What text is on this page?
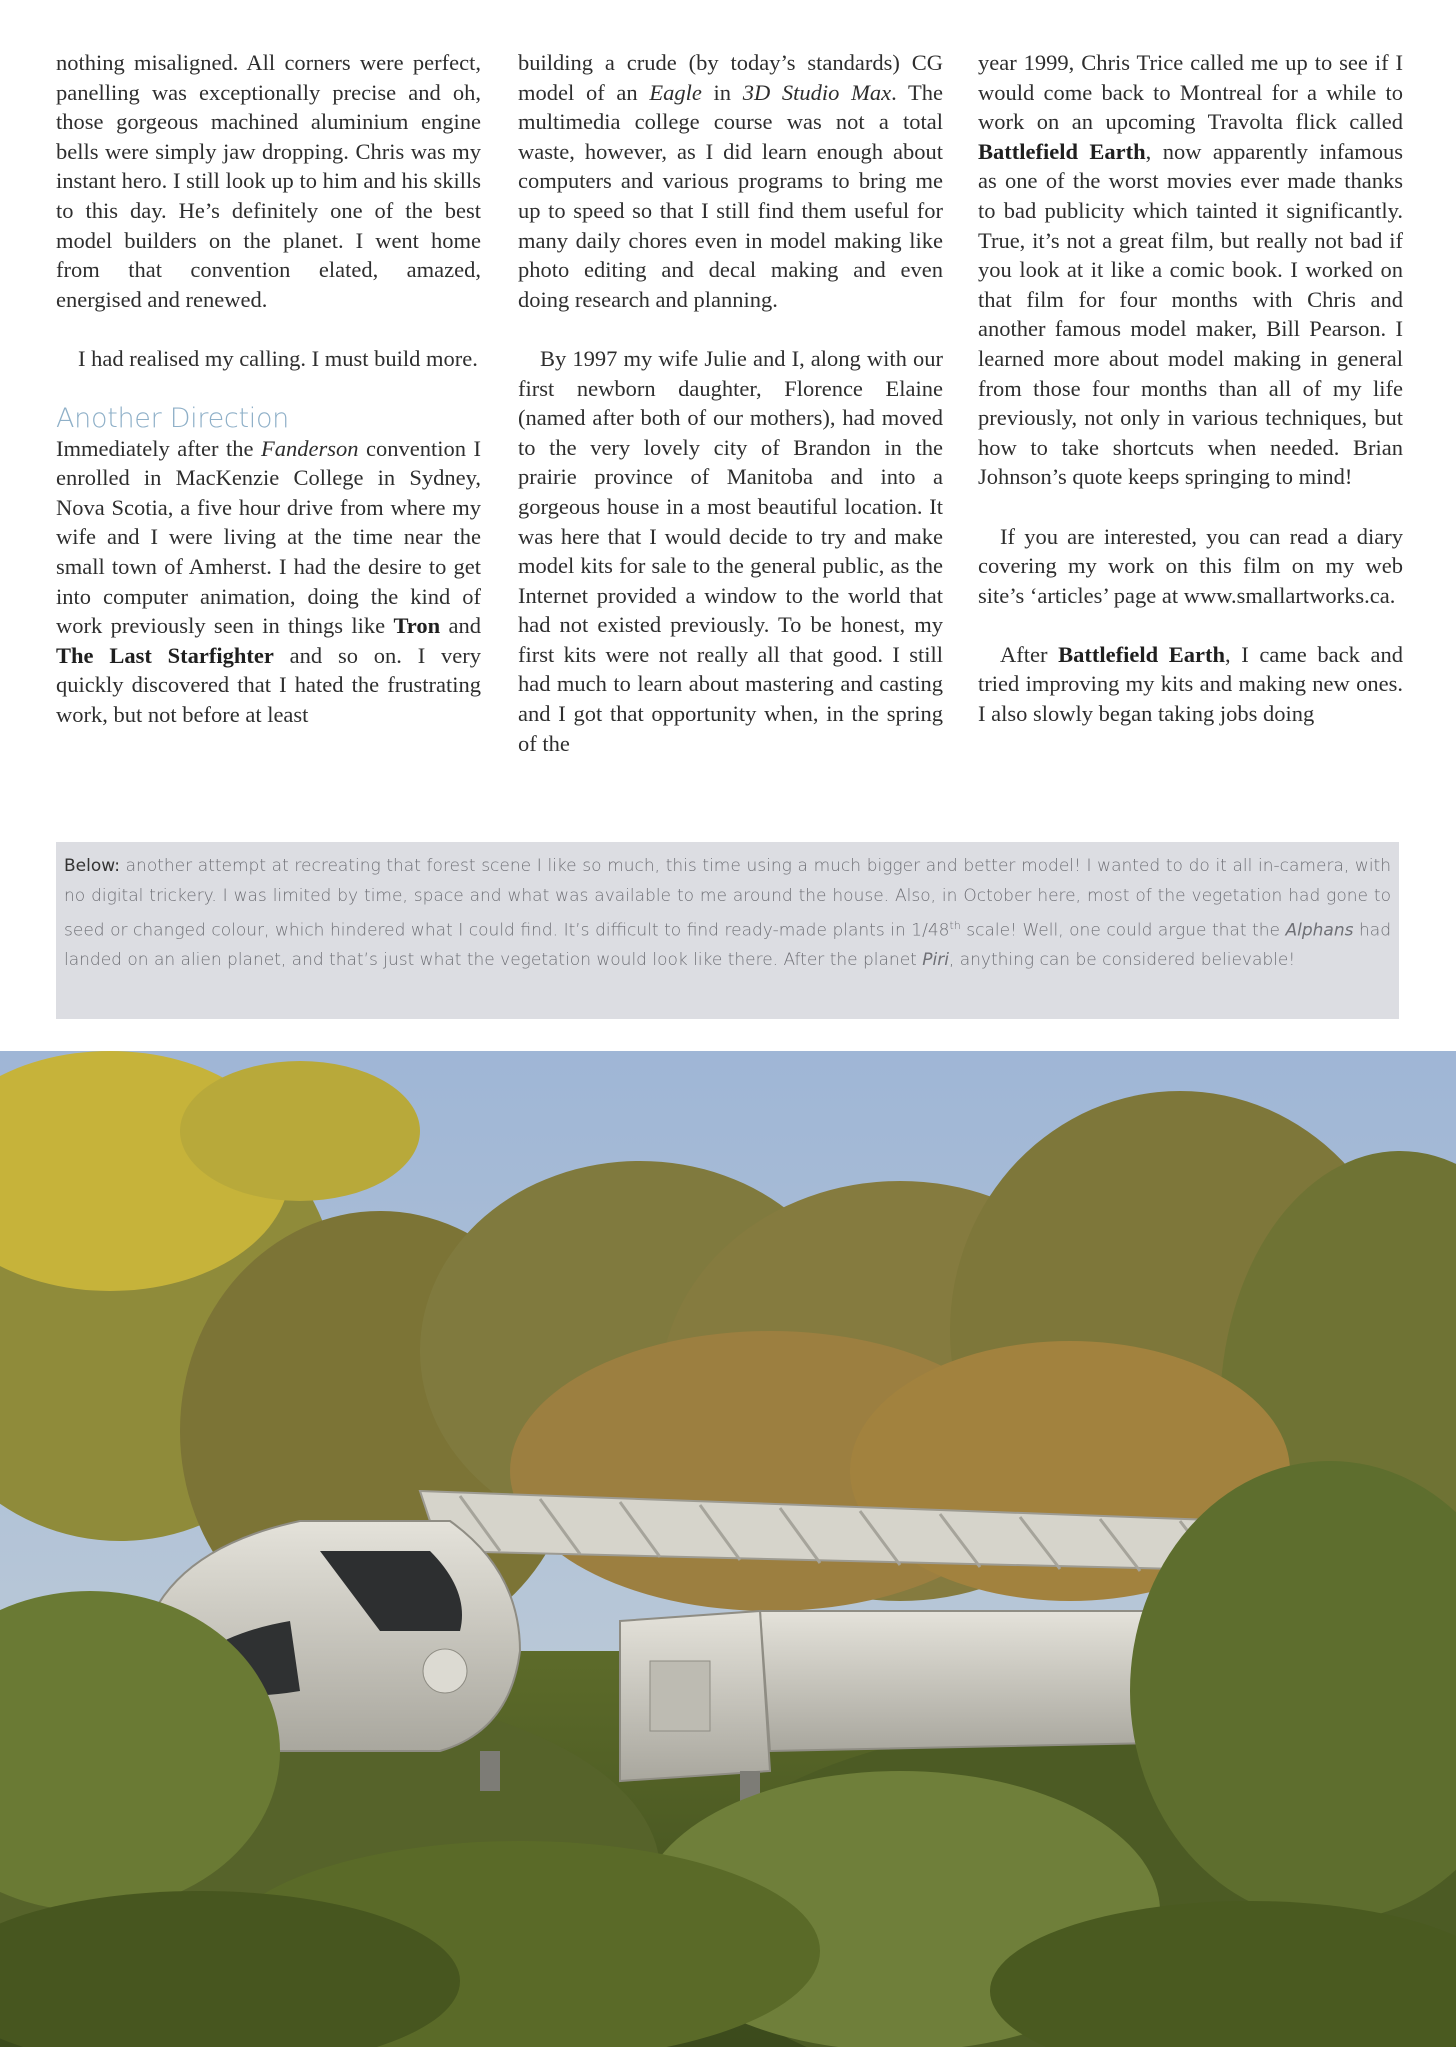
nothing misaligned. All corners were perfect, panelling was exceptionally precise and oh, those gorgeous machined aluminium engine bells were simply jaw dropping. Chris was my instant hero. I still look up to him and his skills to this day. He’s definitely one of the best model builders on the planet. I went home from that convention elated, amazed, energised and renewed.

I had realised my calling. I must build more.

Another Direction

Immediately after the Fanderson convention I enrolled in MacKenzie College in Sydney, Nova Scotia, a five hour drive from where my wife and I were living at the time near the small town of Amherst. I had the desire to get into computer animation, doing the kind of work previously seen in things like Tron and The Last Starfighter and so on. I very quickly discovered that I hated the frustrating work, but not before at least

building a crude (by today’s standards) CG model of an Eagle in 3D Studio Max. The multimedia college course was not a total waste, however, as I did learn enough about computers and various programs to bring me up to speed so that I still find them useful for many daily chores even in model making like photo editing and decal making and even doing research and planning.

By 1997 my wife Julie and I, along with our first newborn daughter, Florence Elaine (named after both of our mothers), had moved to the very lovely city of Brandon in the prairie province of Manitoba and into a gorgeous house in a most beautiful location. It was here that I would decide to try and make model kits for sale to the general public, as the Internet provided a window to the world that had not existed previously. To be honest, my first kits were not really all that good. I still had much to learn about mastering and casting and I got that opportunity when, in the spring of the

year 1999, Chris Trice called me up to see if I would come back to Montreal for a while to work on an upcoming Travolta flick called Battlefield Earth, now apparently infamous as one of the worst movies ever made thanks to bad publicity which tainted it significantly. True, it’s not a great film, but really not bad if you look at it like a comic book. I worked on that film for four months with Chris and another famous model maker, Bill Pearson. I learned more about model making in general from those four months than all of my life previously, not only in various techniques, but how to take shortcuts when needed. Brian Johnson’s quote keeps springing to mind!

If you are interested, you can read a diary covering my work on this film on my web site’s ‘articles’ page at www.smallartworks.ca.

After Battlefield Earth, I came back and tried improving my kits and making new ones. I also slowly began taking jobs doing

Below: another attempt at recreating that forest scene I like so much, this time using a much bigger and better model! I wanted to do it all in-camera, with no digital trickery. I was limited by time, space and what was available to me around the house. Also, in October here, most of the vegetation had gone to seed or changed colour, which hindered what I could find. It’s difficult to find ready-made plants in 1/48th scale! Well, one could argue that the Alphans had landed on an alien planet, and that’s just what the vegetation would look like there. After the planet Piri, anything can be considered believable!
